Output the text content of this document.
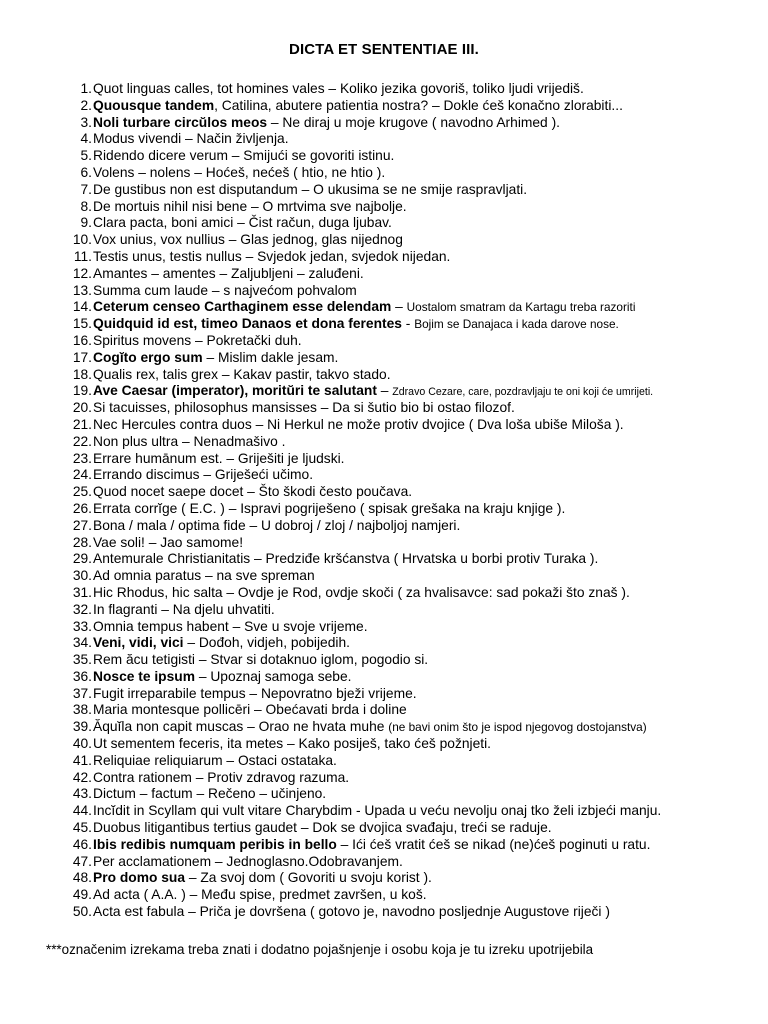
DICTA ET SENTENTIAE III.
1. Quot linguas calles, tot homines vales – Koliko jezika govoriš, toliko ljudi vrijediš.
2. Quousque tandem, Catilina, abutere patientia nostra? – Dokle ćeš konačno zlorabiti...
3. Noli turbare circŭlos meos – Ne diraj u moje krugove ( navodno Arhimed ).
4. Modus vivendi – Način življenja.
5. Ridendo dicere verum – Smijući se govoriti istinu.
6. Volens – nolens – Hoćeš, nećeš ( htio, ne htio ).
7. De gustibus non est disputandum – O ukusima se ne smije raspravljati.
8. De mortuis nihil nisi bene – O mrtvima sve najbolje.
9. Clara pacta, boni amici – Čist račun, duga ljubav.
10. Vox unius, vox nullius – Glas jednog, glas nijednog
11. Testis unus, testis nullus – Svjedok jedan, svjedok nijedan.
12. Amantes – amentes – Zaljubljeni – zaluđeni.
13. Summa cum laude – s najvećom pohvalom
14. Ceterum censeo Carthaginem esse delendam – Uostalom smatram da Kartagu treba razoriti
15. Quidquid id est, timeo Danaos et dona ferentes - Bojim se Danajaca i kada darove nose.
16. Spiritus movens – Pokretački duh.
17. Cogĭto ergo sum – Mislim dakle jesam.
18. Qualis rex, talis grex – Kakav pastir, takvo stado.
19. Ave Caesar (imperator), moritŭri te salutant – Zdravo Cezare, care, pozdravljaju te oni koji će umrijeti.
20. Si tacuisses, philosophus mansisses – Da si šutio bio bi ostao filozof.
21. Nec Hercules contra duos – Ni Herkul ne može protiv dvojice ( Dva loša ubiše Miloša ).
22. Non plus ultra – Nenadmašivo .
23. Errare humānum est. – Griješiti je ljudski.
24. Errando discimus – Griješeći učimo.
25. Quod nocet saepe docet – Što škodi često poučava.
26. Errata corrĭge ( E.C. ) – Ispravi pogriješeno ( spisak grešaka na kraju knjige ).
27. Bona / mala / optima fide – U dobroj / zloj / najboljoj namjeri.
28. Vae soli! – Jao samome!
29. Antemurale Christianitatis – Predziđe kršćanstva ( Hrvatska u borbi protiv Turaka ).
30. Ad omnia paratus – na sve spreman
31. Hic Rhodus, hic salta – Ovdje je Rod, ovdje skoči ( za hvalisavce: sad pokaži što znaš ).
32. In flagranti – Na djelu uhvatiti.
33. Omnia tempus habent – Sve u svoje vrijeme.
34. Veni, vidi, vici – Dođoh, vidjeh, pobijedih.
35. Rem ăcu tetigisti – Stvar si dotaknuo iglom, pogodio si.
36. Nosce te ipsum – Upoznaj samoga sebe.
37. Fugit irreparabile tempus – Nepovratno bježi vrijeme.
38. Maria montesque pollicēri – Obećavati brda i doline
39. Ăquĭla non capit muscas – Orao ne hvata muhe (ne bavi onim što je ispod njegovog dostojanstva)
40. Ut sementem feceris, ita metes – Kako posiješ, tako ćeš požnjeti.
41. Reliquiae reliquiarum – Ostaci ostataka.
42. Contra rationem – Protiv zdravog razuma.
43. Dictum – factum – Rečeno – učinjeno.
44. Incĭdit in Scyllam qui vult vitare Charybdim - Upada u veću nevolju onaj tko želi izbjeći manju.
45. Duobus litigantibus tertius gaudet – Dok se dvojica svađaju, treći se raduje.
46. Ibis redibis numquam peribis in bello – Ići ćeš vratit ćeš se nikad (ne)ćeš poginuti u ratu.
47. Per acclamationem – Jednoglasno.Odobravanjem.
48. Pro domo sua – Za svoj dom ( Govoriti u svoju korist ).
49. Ad acta ( A.A. ) – Među spise, predmet završen, u koš.
50. Acta est fabula – Priča je dovršena ( gotovo je, navodno posljednje Augustove riječi )
***označenim izrekama treba znati i dodatno pojašnjenje i osobu koja je tu izreku upotrijebila
